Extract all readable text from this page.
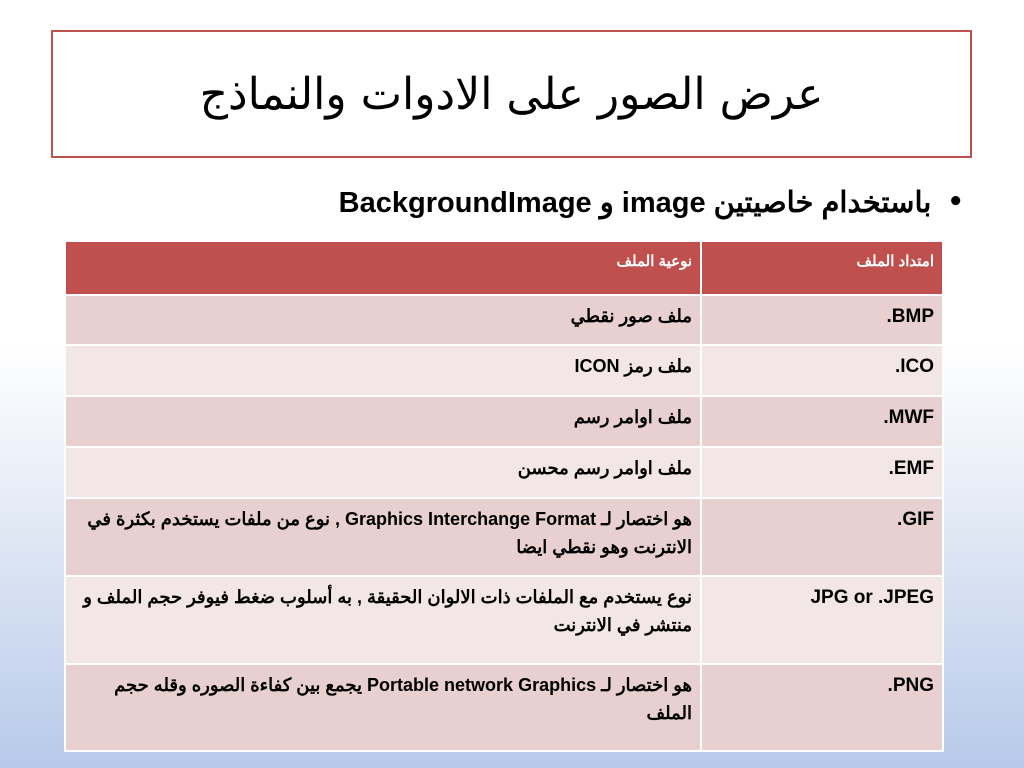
عرض الصور على الادوات والنماذج
•
باستخدام خاصيتين image و BackgroundImage
امتداد الملف	نوعية الملف
.BMP	ملف صور نقطي
.ICO	ملف رمز ICON
.MWF	ملف اوامر رسم
.EMF	ملف اوامر رسم محسن
.GIF	هو اختصار لـ Graphics Interchange Format , نوع من ملفات يستخدم بكثرة في الانترنت وهو نقطي ايضا
JPG or .JPEG	نوع يستخدم مع الملفات ذات الالوان الحقيقة , به أسلوب ضغط فيوفر حجم الملف و منتشر في الانترنت
.PNG	هو اختصار لـ Portable network Graphics يجمع بين كفاءة الصوره وقله حجم الملف
